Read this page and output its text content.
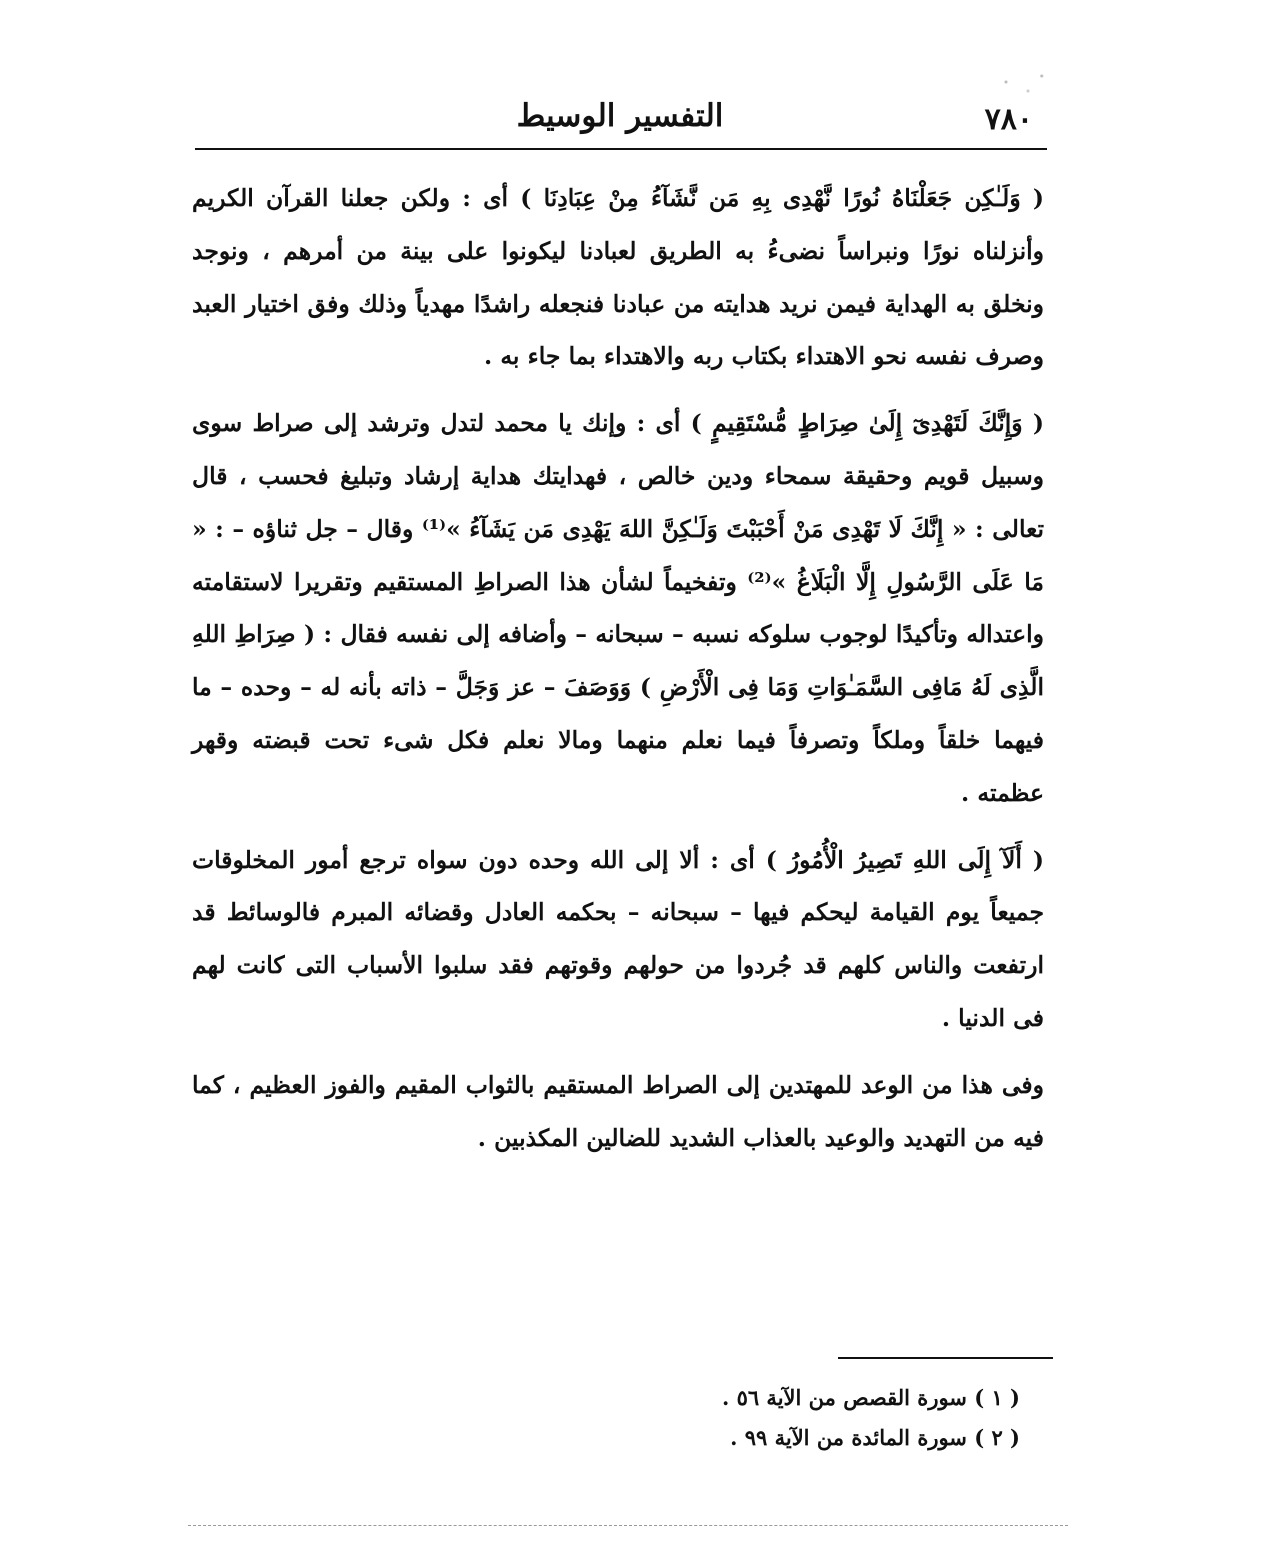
التفسير الوسيط	٧٨٠

( وَلَـٰكِن جَعَلْنَاهُ نُورًا نَّهْدِى بِهِ مَن نَّشَآءُ مِنْ عِبَادِنَا ) أى : ولكن جعلنا القرآن الكريم وأنزلناه نورًا ونبراساً نضىءُ به الطريق لعبادنا ليكونوا على بينة من أمرهم ، ونوجد ونخلق به الهداية فيمن نريد هدايته من عبادنا فنجعله راشدًا مهدياً وذلك وفق اختيار العبد وصرف نفسه نحو الاهتداء بكتاب ربه والاهتداء بما جاء به .

( وَإِنَّكَ لَتَهْدِىٓ إِلَىٰ صِرَاطٍ مُّسْتَقِيمٍ ) أى : وإنك يا محمد لتدل وترشد إلى صراط سوى وسبيل قويم وحقيقة سمحاء ودين خالص ، فهدايتك هداية إرشاد وتبليغ فحسب ، قال تعالى : « إِنَّكَ لَا تَهْدِى مَنْ أَحْبَبْتَ وَلَـٰكِنَّ اللهَ يَهْدِى مَن يَشَآءُ »⁽¹⁾ وقال – جل ثناؤه – : « مَا عَلَى الرَّسُولِ إِلَّا الْبَلَاغُ »⁽²⁾ وتفخيماً لشأن هذا الصراطِ المستقيم وتقريرا لاستقامته واعتداله وتأكيدًا لوجوب سلوكه نسبه – سبحانه – وأضافه إلى نفسه فقال : ( صِرَاطِ اللهِ الَّذِى لَهُ مَافِى السَّمَـٰوَاتِ وَمَا فِى الْأَرْضِ ) وَوَصَفَ – عز وَجَلَّ – ذاته بأنه له – وحده – ما فيهما خلقاً وملكاً وتصرفاً فيما نعلم منهما ومالا نعلم فكل شىء تحت قبضته وقهر عظمته .

( أَلَآ إِلَى اللهِ تَصِيرُ الْأُمُورُ ) أى : ألا إلى الله وحده دون سواه ترجع أمور المخلوقات جميعاً يوم القيامة ليحكم فيها – سبحانه – بحكمه العادل وقضائه المبرم فالوسائط قد ارتفعت والناس كلهم قد جُردوا من حولهم وقوتهم فقد سلبوا الأسباب التى كانت لهم فى الدنيا .

وفى هذا من الوعد للمهتدين إلى الصراط المستقيم بالثواب المقيم والفوز العظيم ، كما فيه من التهديد والوعيد بالعذاب الشديد للضالين المكذبين .

( ١ ) سورة القصص من الآية ٥٦ .

( ٢ ) سورة المائدة من الآية ٩٩ .
